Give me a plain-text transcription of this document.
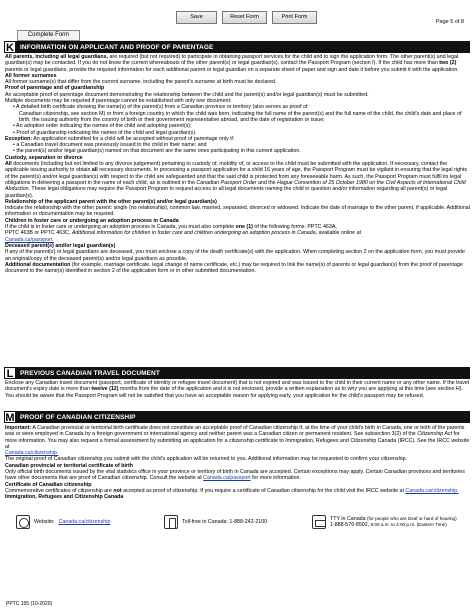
Save	Reset Form	Print Form
Page 5 of 8
Complete Form
K INFORMATION ON APPLICANT AND PROOF OF PARENTAGE

All parents, including all legal guardians, are required (but not required) to participate in obtaining passport services for the child and to sign the application form. The other parent(s) and legal guardian(s) may be contacted. If you do not know the current whereabouts of the other parent(s) or legal guardian(s), contact the Passport Program (section I). If the child has more than two (2) parents or legal guardians, provide the required information for each additional parent or legal guardian on a separate sheet of paper and sign and date it before you submit it with the application.

All former surnames

All former surname(s) that differ from the current surname, including the parent's surname at birth must be declared.

Proof of parentage and of guardianship

An acceptable proof of parentage document demonstrating the relationship between the child and the parent(s) and/or legal guardian(s) must be submitted.

Multiple documents may be required if parentage cannot be established with only one document:

• A detailed birth certificate showing the name(s) of the parent(s) from a Canadian province or territory (also serves as proof of

Canadian citizenship, see section M) or from a foreign country in which the child was born, indicating the full name of the parent(s) and the full name of the child, the child's date and place of birth, the issuing authority from the country of birth or their government representative abroad, and the date of registration or issue;

• An adoption order indicating the names of the child and adopting parent(s);

• Proof of guardianship indicating the names of the child and legal guardian(s).

Exception: An application submitted for a child will be accepted without proof of parentage only if:

• a Canadian travel document was previously issued to the child in their name; and

• the parent(s) and/or legal guardian(s) named on that document are the same ones participating in this current application.

Custody, separation or divorce

All documents (including but not limited to any divorce judgement) pertaining to custody of, mobility of, or access to the child must be submitted with the application. If necessary, contact the applicable issuing authority to obtain all necessary documents. In processing a passport application for a child 16 years of age, the Passport Program must be vigilant in ensuring that the legal rights of the parent(s) and/or legal guardian(s) with respect to the child are safeguarded and that the said child is protected from any foreseeable harm. As such, the Passport Program must fulfil its legal obligations in delivering a passport in the name of each child, as is outlined in the Canadian Passport Order and the Hague Convention of 25 October 1980 on the Civil Aspects of International Child Abduction. These legal obligations may require the Passport Program to request access to all legal documents naming the child in question and/or information regarding all parent(s) or legal guardian(s).

Relationship of the applicant parent with the other parent(s) and/or legal guardian(s)

Indicate the relationship with the other parent: single (no relationship), common law, married, separated, divorced or widowed. Indicate the date of marriage to the other parent, if applicable. Additional information or documentation may be required.

Children in foster care or undergoing an adoption process in Canada

If the child is in foster care or undergoing an adoption process in Canada, you must also complete one (1) of the following forms: PPTC 463A,
PPTC 463B or PPTC 463C, Additional information for children in foster care and children undergoing an adoption process in Canada, available online at
Canada.ca/passport.

Deceased parent(s) and/or legal guardian(s)

If any of the parent(s) or legal guardians are deceased, you must enclose a copy of the death certificate(s) with the application. When completing section 2 on the application form, you must provide an original/copy of the deceased parent(s) and/or legal guardians as possible.

Additional documentation (for example, marriage certificate, legal change of name certificate, etc.) may be required to link the name(s) of parents or legal guardian(s) from the proof of parentage document to the name(s) identified in section 2 of the application form or in other submitted documentation.

L	PREVIOUS CANADIAN TRAVEL DOCUMENT

Enclose any Canadian travel document (passport, certificate of identity or refugee travel document) that is not expired and was issued to the child in their current name or any other name. If the travel document's expiry date is more than twelve (12) months from the date of the application and it is not enclosed, provide a written explanation as to why you are applying at this time (see section H). You should be aware that the Passport Program will not be satisfied that you have an acceptable reason for applying early, your application for the child's passport may be refused.

M PROOF OF CANADIAN CITIZENSHIP

Important: A Canadian provincial or territorial birth certificate does not constitute an acceptable proof of Canadian citizenship if, at the time of your child's birth in Canada, one or both of the parents was or were employed in Canada by a foreign government or international agency and neither parent was a Canadian citizen or permanent resident. See subsection 3(2) of the Citizenship Act for more information. You may also request a formal assessment by submitting an application for a citizenship certificate to Immigration, Refugees and Citizenship Canada (IRCC). See the IRCC website at
Canada.ca/citizenship.

The original proof of Canadian citizenship you submit with the child's application will be returned to you. Additional information may be requested to confirm your citizenship.

Canadian provincial or territorial certificate of birth

Only official birth documents issued by the vital statistics office in your province or territory of birth in Canada are accepted. Certain exceptions may apply. Certain Canadian provinces and territories have other documents that are proof of Canadian citizenship. Consult the website at Canada.ca/passport for more information.

Certificate of Canadian citizenship

Commemorative certificates of citizenship are not accepted as proof of citizenship. If you require a certificate of Canadian citizenship for the child visit the IRCC website at Canada.ca/citizenship.

Immigration, Refugees and Citizenship Canada

Website: Canada.ca/citizenship	Toll-free in Canada: 1-888-242-2100
TTY in Canada (for people who are Deaf or hard of hearing)
1-888-576-8502, 8:00 a.m. to 4:00 p.m. (Eastern Time)
PPTC 155 (10-2020)
